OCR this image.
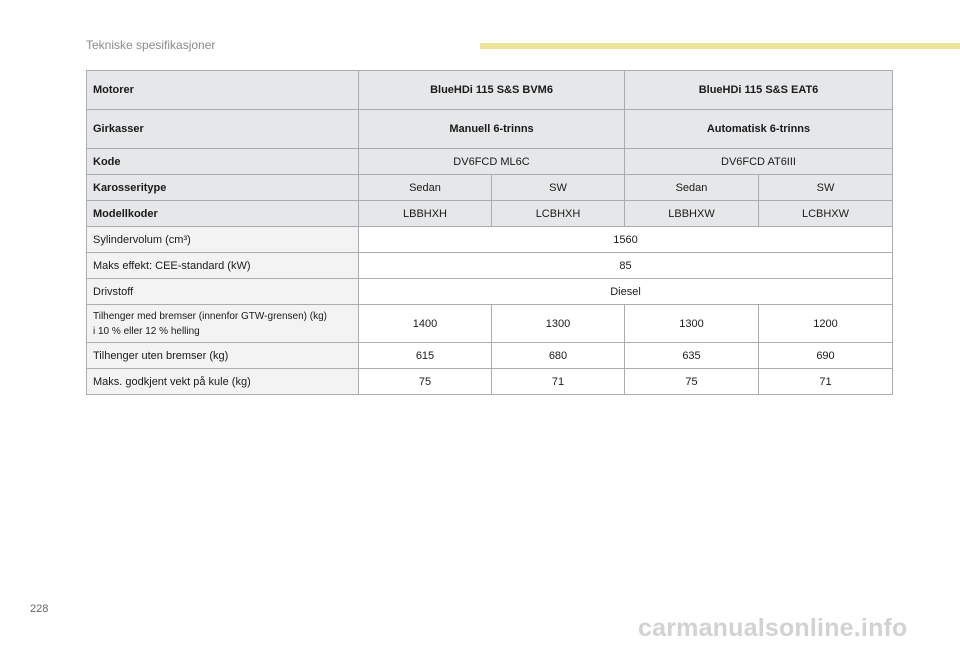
Tekniske spesifikasjoner
Motorer	BlueHDi 115 S&S BVM6		BlueHDi 115 S&S EAT6	
Girkasser	Manuell 6-trinns		Automatisk 6-trinns	
Kode	DV6FCD ML6C		DV6FCD AT6III	
Karosseritype	Sedan	SW	Sedan	SW
Modellkoder	LBBHXH	LCBHXH	LBBHXW	LCBHXW
Sylindervolum (cm³)	1560			
Maks effekt: CEE-standard (kW)	85			
Drivstoff	Diesel			

Tilhenger med bremser (innenfor GTW-grensen) (kg)
i 10 % eller 12 % helling	1400	1300	1300	1200
Tilhenger uten bremser (kg)	615	680	635	690
Maks. godkjent vekt på kule (kg)	75	71	75	71
228
carmanualsonline.info
